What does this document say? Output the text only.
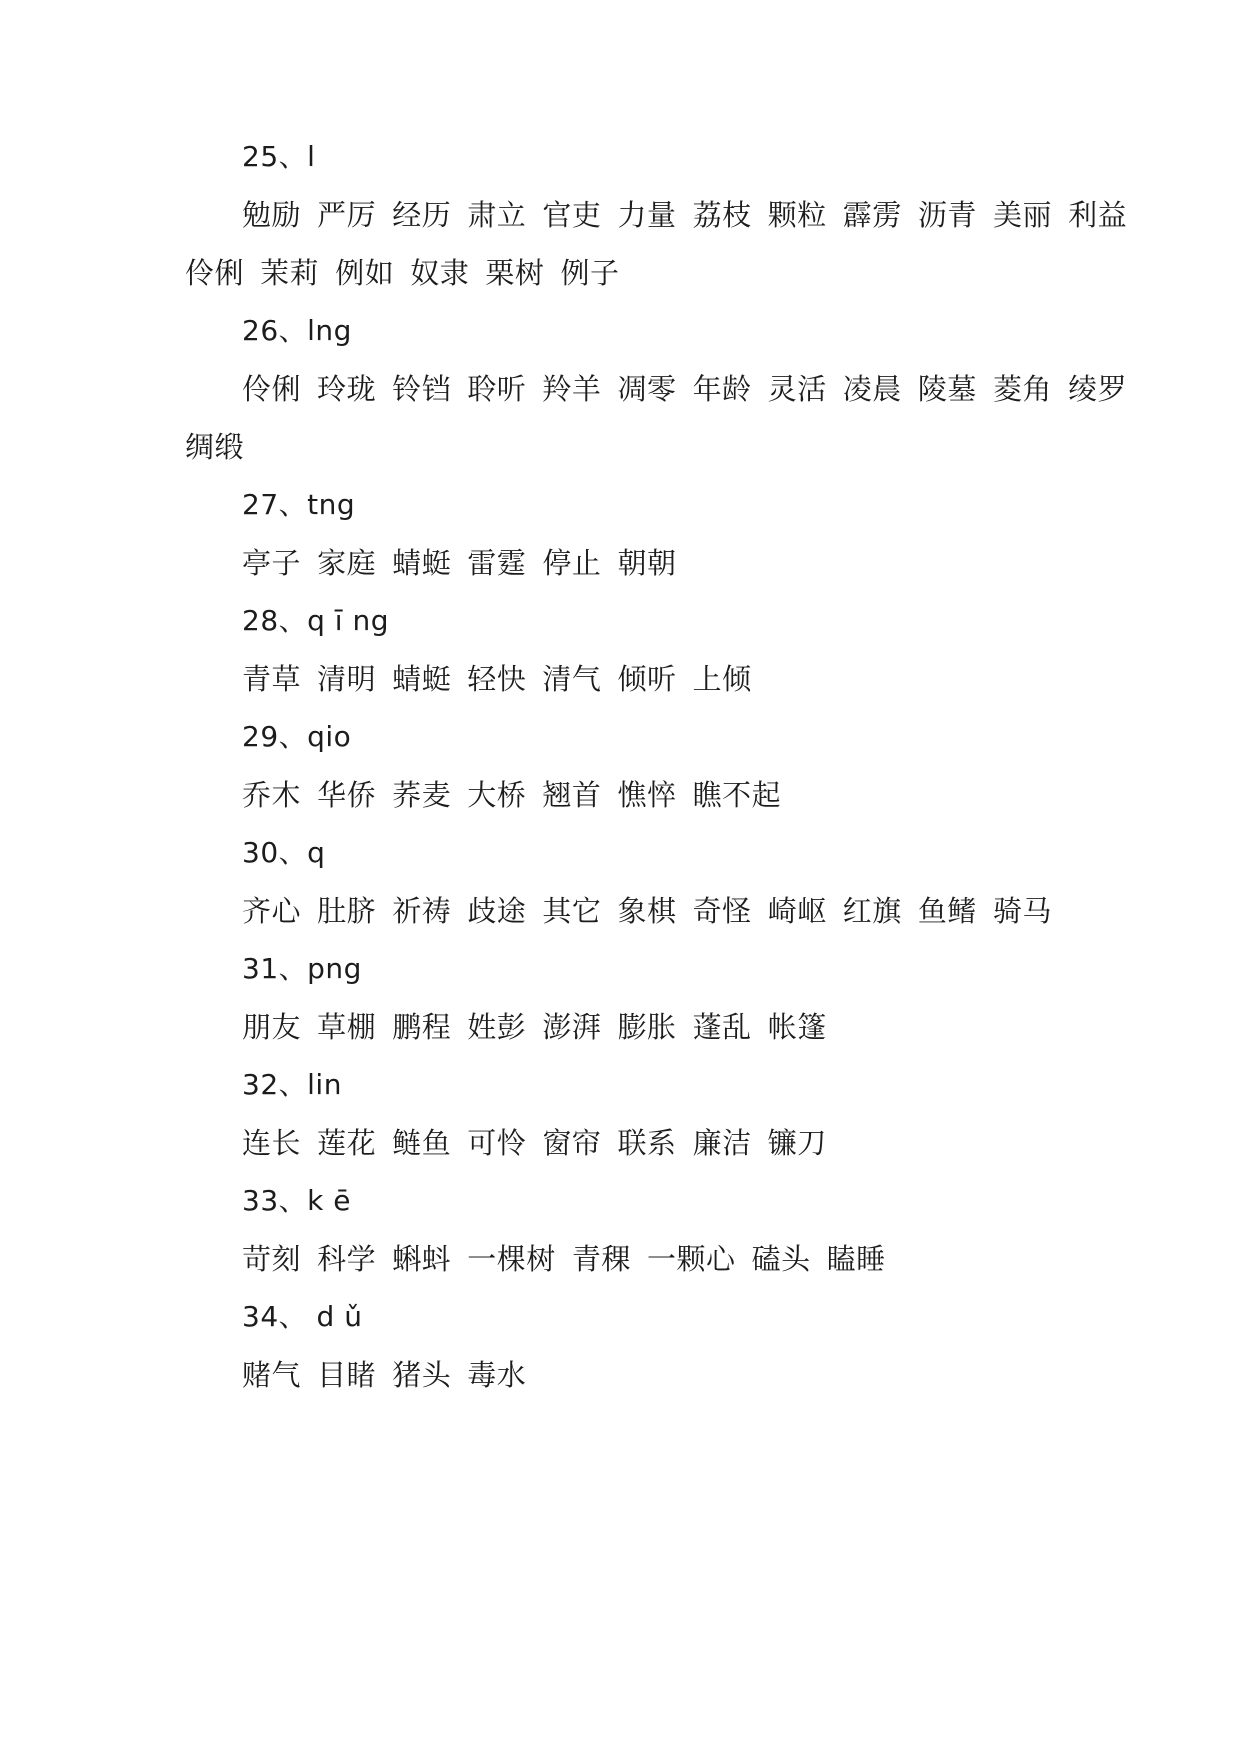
25、l
勉励 严厉 经历 肃立 官吏 力量 荔枝 颗粒 霹雳 沥青 美丽 利益
伶俐 茉莉 例如 奴隶 栗树 例子
26、lng
伶俐 玲珑 铃铛 聆听 羚羊 凋零 年龄 灵活 凌晨 陵墓 菱角 绫罗
绸缎
27、tng
亭子 家庭 蜻蜓 雷霆 停止 朝朝
28、q ī ng
青草 清明 蜻蜓 轻快 清气 倾听 上倾
29、qio
乔木 华侨 荞麦 大桥 翘首 憔悴 瞧不起
30、q
齐心 肚脐 祈祷 歧途 其它 象棋 奇怪 崎岖 红旗 鱼鳍 骑马
31、png
朋友 草棚 鹏程 姓彭 澎湃 膨胀 蓬乱 帐篷
32、lin
连长 莲花 鲢鱼 可怜 窗帘 联系 廉洁 镰刀
33、k ē
苛刻 科学 蝌蚪 一棵树 青稞 一颗心 磕头 瞌睡
34、 d ǔ
赌气 目睹 猪头 毒水
